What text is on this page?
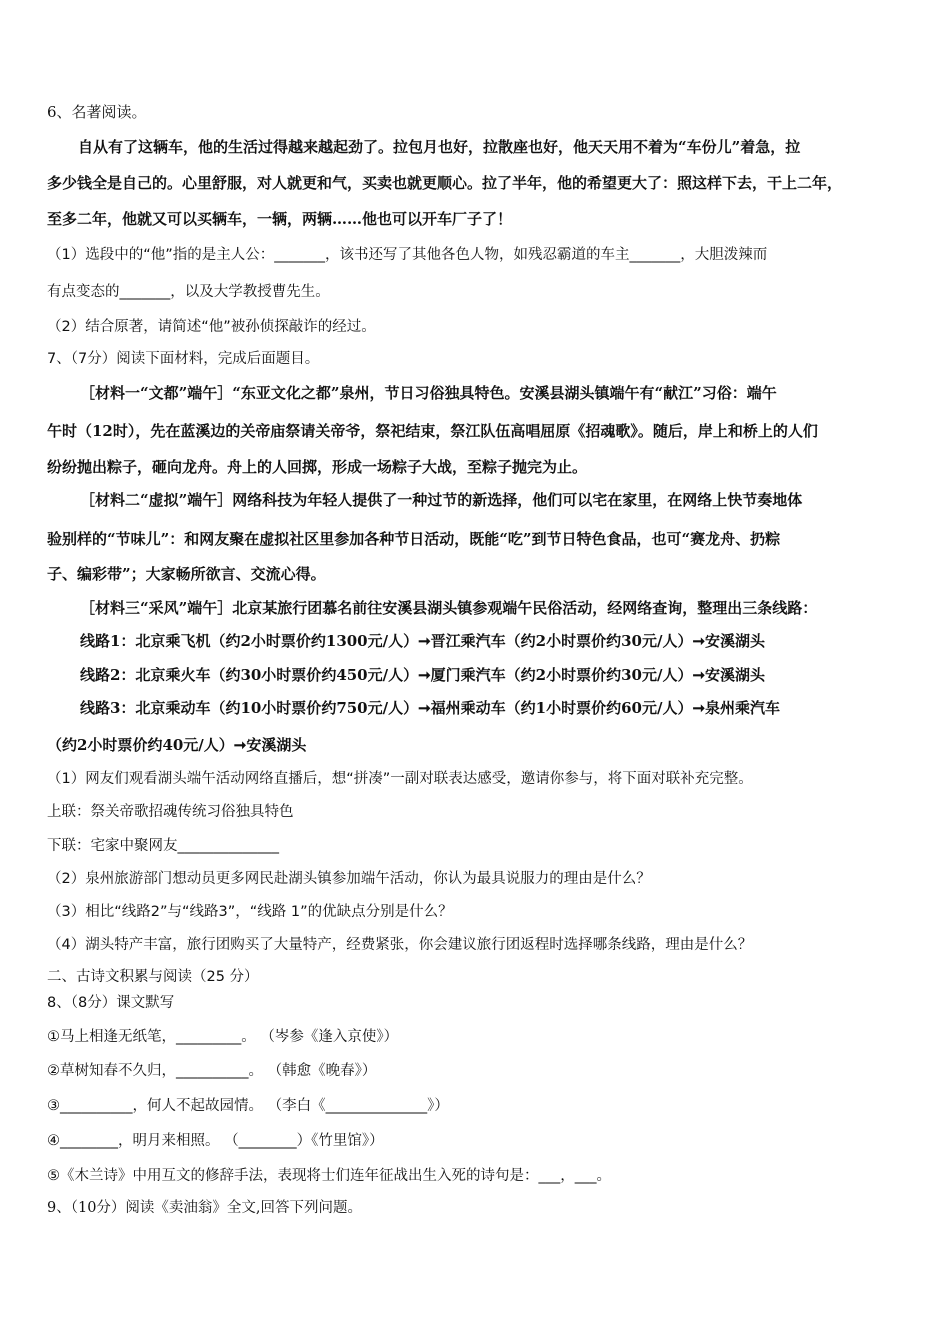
6、名著阅读。
自从有了这辆车，他的生活过得越来越起劲了。拉包月也好，拉散座也好，他天天用不着为“车份儿”着急，拉
多少钱全是自己的。心里舒服，对人就更和气，买卖也就更顺心。拉了半年，他的希望更大了：照这样下去，干上二年，
至多二年，他就又可以买辆车，一辆，两辆……他也可以开车厂子了！
（1）选段中的“他”指的是主人公：_______，该书还写了其他各色人物，如残忍霸道的车主_______，大胆泼辣而
有点变态的_______，以及大学教授曹先生。
（2）结合原著，请简述“他”被孙侦探敲诈的经过。
7、（7分）阅读下面材料，完成后面题目。
［材料一“文都”端午］“东亚文化之都”泉州，节日习俗独具特色。安溪县湖头镇端午有“献江”习俗：端午
午时（12时），先在蓝溪边的关帝庙祭请关帝爷，祭祀结束，祭江队伍高唱屈原《招魂歌》。随后，岸上和桥上的人们
纷纷抛出粽子，砸向龙舟。舟上的人回掷，形成一场粽子大战，至粽子抛完为止。
［材料二“虚拟”端午］网络科技为年轻人提供了一种过节的新选择，他们可以宅在家里，在网络上快节奏地体
验别样的“节味儿”：和网友聚在虚拟社区里参加各种节日活动，既能“吃”到节日特色食品，也可“赛龙舟、扔粽
子、编彩带”；大家畅所欲言、交流心得。
［材料三“采风”端午］北京某旅行团慕名前往安溪县湖头镇参观端午民俗活动，经网络查询，整理出三条线路：
线路1：北京乘飞机（约2小时票价约1300元/人）➞晋江乘汽车（约2小时票价约30元/人）➞安溪湖头
线路2：北京乘火车（约30小时票价约450元/人）➞厦门乘汽车（约2小时票价约30元/人）➞安溪湖头
线路3：北京乘动车（约10小时票价约750元/人）➞福州乘动车（约1小时票价约60元/人）➞泉州乘汽车
（约2小时票价约40元/人）➞安溪湖头
（1）网友们观看湖头端午活动网络直播后，想“拼凑”一副对联表达感受，邀请你参与，将下面对联补充完整。
上联：祭关帝歌招魂传统习俗独具特色
下联：宅家中聚网友______________
（2）泉州旅游部门想动员更多网民赴湖头镇参加端午活动，你认为最具说服力的理由是什么？
（3）相比“线路2”与“线路3”，“线路 1”的优缺点分别是什么？
（4）湖头特产丰富，旅行团购买了大量特产，经费紧张，你会建议旅行团返程时选择哪条线路，理由是什么？
二、古诗文积累与阅读（25 分）
8、（8分）课文默写
①马上相逢无纸笔，_________。 （岑参《逢入京使》）
②草树知春不久归，__________。 （韩愈《晚春》）
③__________，何人不起故园情。 （李白《______________》）
④________，明月来相照。 （________）《竹里馆》）
⑤《木兰诗》中用互文的修辞手法，表现将士们连年征战出生入死的诗句是：___，___。
9、（10分）阅读《卖油翁》全文,回答下列问题。
